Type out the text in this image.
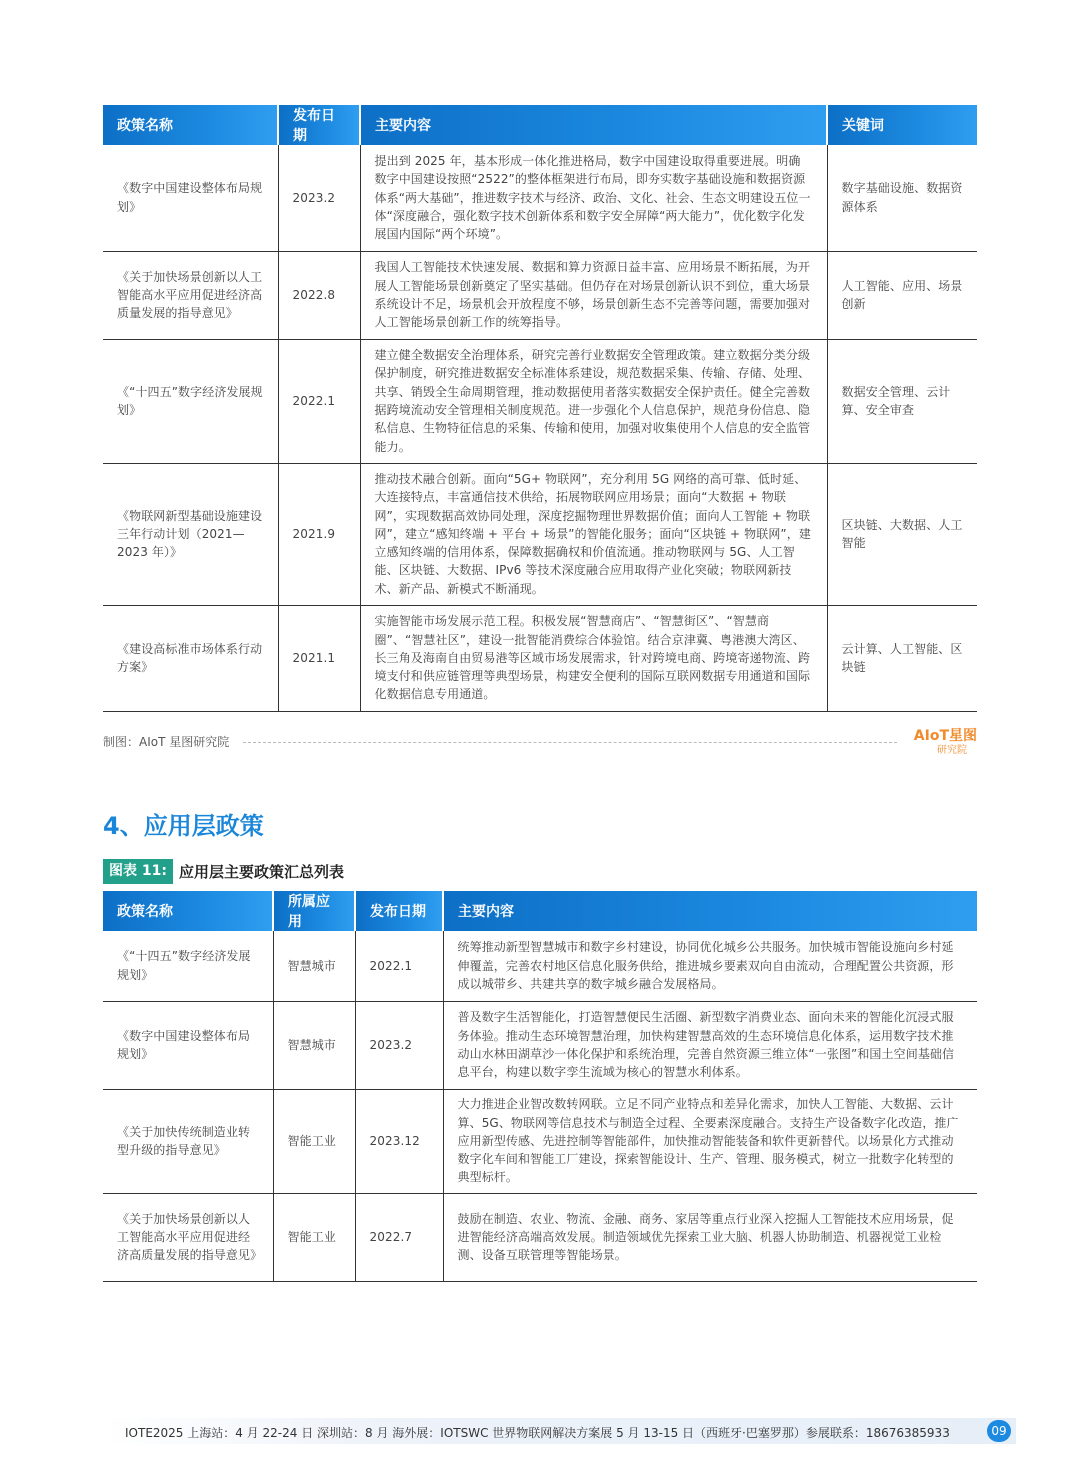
政策名称	发布日期	主要内容	关键词
《数字中国建设整体布局规划》	2023.2	提出到 2025 年，基本形成一体化推进格局，数字中国建设取得重要进展。明确数字中国建设按照“2522”的整体框架进行布局，即夯实数字基础设施和数据资源体系“两大基础”，推进数字技术与经济、政治、文化、社会、生态文明建设五位一体“深度融合，强化数字技术创新体系和数字安全屏障“两大能力”，优化数字化发展国内国际“两个环境”。	数字基础设施、数据资源体系
《关于加快场景创新以人工智能高水平应用促进经济高质量发展的指导意见》	2022.8	我国人工智能技术快速发展、数据和算力资源日益丰富、应用场景不断拓展，为开展人工智能场景创新奠定了坚实基础。但仍存在对场景创新认识不到位，重大场景系统设计不足，场景机会开放程度不够，场景创新生态不完善等问题，需要加强对人工智能场景创新工作的统筹指导。	人工智能、应用、场景创新
《“十四五”数字经济发展规划》	2022.1	建立健全数据安全治理体系，研究完善行业数据安全管理政策。建立数据分类分级保护制度，研究推进数据安全标准体系建设，规范数据采集、传输、存储、处理、共享、销毁全生命周期管理，推动数据使用者落实数据安全保护责任。健全完善数据跨境流动安全管理相关制度规范。进一步强化个人信息保护，规范身份信息、隐私信息、生物特征信息的采集、传输和使用，加强对收集使用个人信息的安全监管能力。	数据安全管理、云计算、安全审查
《物联网新型基础设施建设三年行动计划（2021—2023 年）》	2021.9	推动技术融合创新。面向“5G+ 物联网”，充分利用 5G 网络的高可靠、低时延、大连接特点，丰富通信技术供给，拓展物联网应用场景；面向“大数据 + 物联网”，实现数据高效协同处理，深度挖掘物理世界数据价值；面向人工智能 + 物联网”，建立“感知终端 + 平台 + 场景”的智能化服务；面向“区块链 + 物联网”，建立感知终端的信用体系，保障数据确权和价值流通。推动物联网与 5G、人工智能、区块链、大数据、IPv6 等技术深度融合应用取得产业化突破；物联网新技术、新产品、新模式不断涌现。	区块链、大数据、人工智能
《建设高标准市场体系行动方案》	2021.1	实施智能市场发展示范工程。积极发展“智慧商店”、“智慧街区”、“智慧商圈”、“智慧社区”，建设一批智能消费综合体验馆。结合京津冀、粤港澳大湾区、长三角及海南自由贸易港等区域市场发展需求，针对跨境电商、跨境寄递物流、跨境支付和供应链管理等典型场景，构建安全便利的国际互联网数据专用通道和国际化数据信息专用通道。	云计算、人工智能、区块链
制图：AIoT 星图研究院	AIoT星图
研究院
4、应用层政策
图表 11: 应用层主要政策汇总列表
政策名称	所属应用	发布日期	主要内容
《“十四五”数字经济发展规划》	智慧城市	2022.1	统筹推动新型智慧城市和数字乡村建设，协同优化城乡公共服务。加快城市智能设施向乡村延伸覆盖，完善农村地区信息化服务供给，推进城乡要素双向自由流动，合理配置公共资源，形成以城带乡、共建共享的数字城乡融合发展格局。
《数字中国建设整体布局规划》	智慧城市	2023.2	普及数字生活智能化，打造智慧便民生活圈、新型数字消费业态、面向未来的智能化沉浸式服务体验。推动生态环境智慧治理，加快构建智慧高效的生态环境信息化体系，运用数字技术推动山水林田湖草沙一体化保护和系统治理，完善自然资源三维立体“一张图”和国土空间基础信息平台，构建以数字孪生流域为核心的智慧水利体系。
《关于加快传统制造业转型升级的指导意见》	智能工业	2023.12	大力推进企业智改数转网联。立足不同产业特点和差异化需求，加快人工智能、大数据、云计算、5G、物联网等信息技术与制造全过程、全要素深度融合。支持生产设备数字化改造，推广应用新型传感、先进控制等智能部件，加快推动智能装备和软件更新替代。以场景化方式推动数字化车间和智能工厂建设，探索智能设计、生产、管理、服务模式，树立一批数字化转型的典型标杆。
《关于加快场景创新以人工智能高水平应用促进经济高质量发展的指导意见》	智能工业	2022.7	鼓励在制造、农业、物流、金融、商务、家居等重点行业深入挖掘人工智能技术应用场景，促进智能经济高端高效发展。制造领域优先探索工业大脑、机器人协助制造、机器视觉工业检测、设备互联管理等智能场景。
IOTE2025 上海站：4 月 22-24 日 深圳站：8 月 海外展：IOTSWC 世界物联网解决方案展 5 月 13-15 日（西班牙·巴塞罗那）参展联系：18676385933	09
